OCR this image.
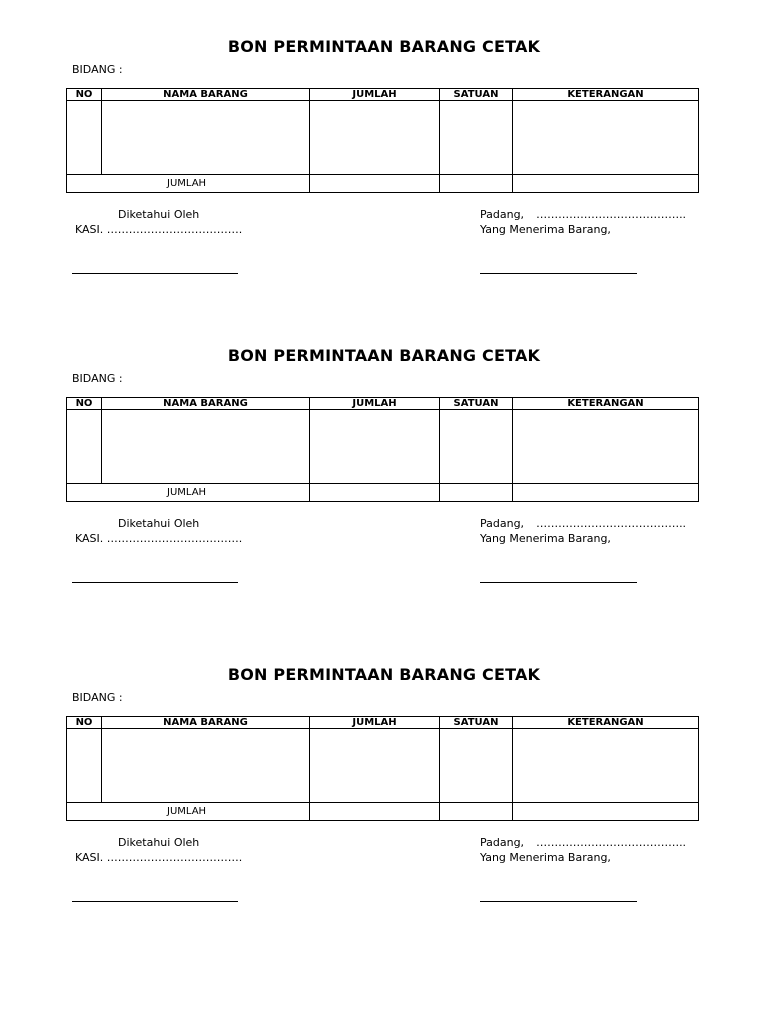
BON PERMINTAAN BARANG CETAK
BIDANG :
NO	NAMA BARANG	JUMLAH	SATUAN	KETERANGAN

JUMLAH				

Diketahui Oleh
KASI. ……………………………….
Padang, …………………………………..
Yang Menerima Barang,
BON PERMINTAAN BARANG CETAK
BIDANG :
NO	NAMA BARANG	JUMLAH	SATUAN	KETERANGAN

JUMLAH				

Diketahui Oleh
KASI. ……………………………….
Padang, …………………………………..
Yang Menerima Barang,
BON PERMINTAAN BARANG CETAK
BIDANG :
NO	NAMA BARANG	JUMLAH	SATUAN	KETERANGAN

JUMLAH				

Diketahui Oleh
KASI. ……………………………….
Padang, …………………………………..
Yang Menerima Barang,
